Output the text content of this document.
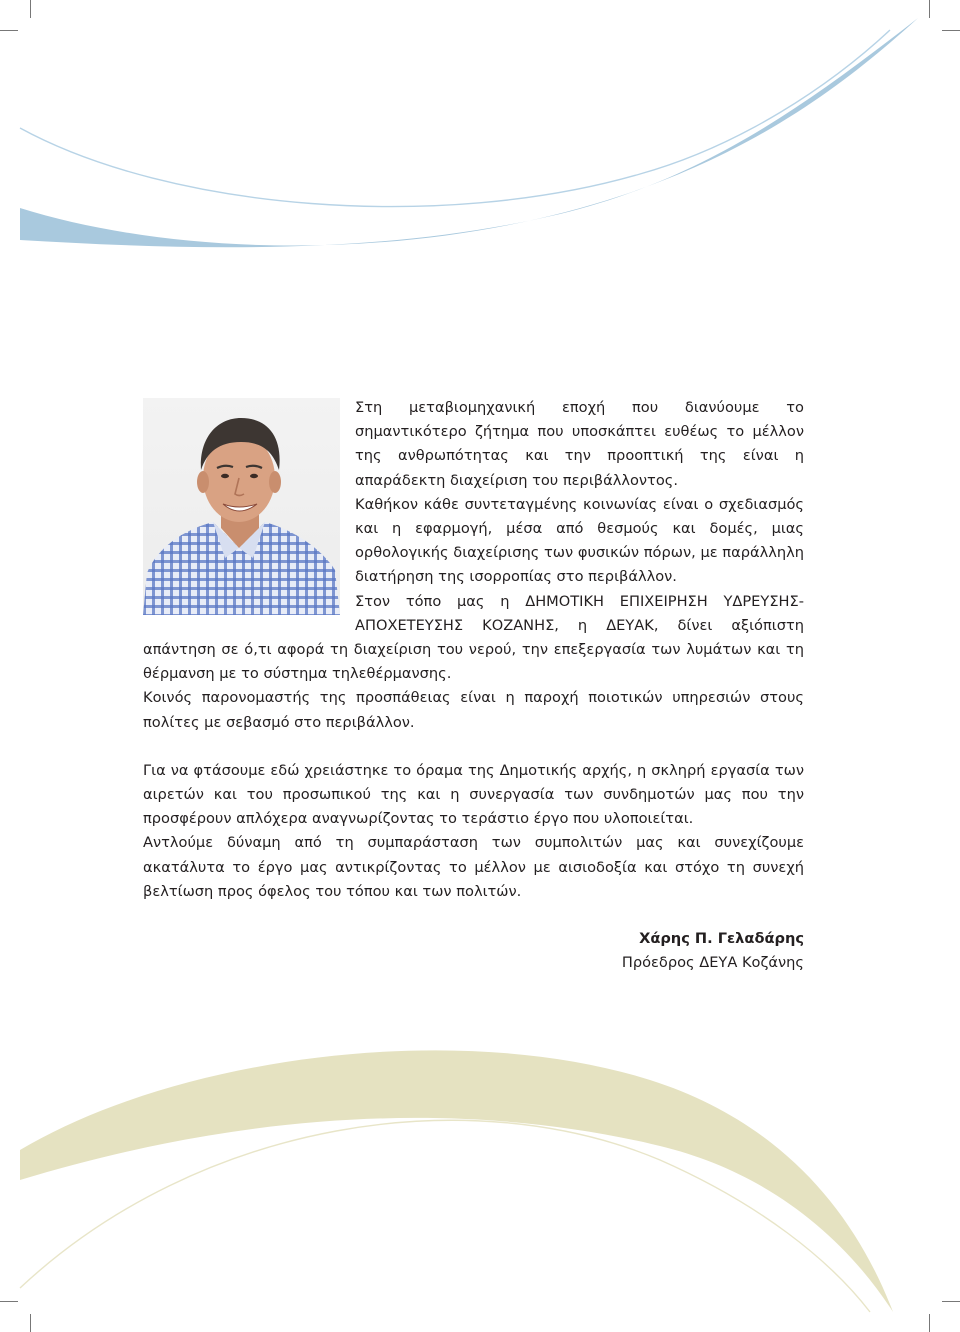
Στη μεταβιομηχανική εποχή που διανύουμε το σημαντικότερο ζήτημα που υποσκάπτει ευθέως το μέλλον της ανθρωπότητας και την προοπτική της είναι η απαράδεκτη διαχείριση του περιβάλλοντος.

Καθήκον κάθε συντεταγμένης κοινωνίας είναι ο σχεδιασμός και η εφαρμογή, μέσα από θεσμούς και δομές, μιας ορθολογικής διαχείρισης των φυσικών πόρων, με παράλληλη διατήρηση της ισορροπίας στο περιβάλλον.

Στον τόπο μας η ΔΗΜΟΤΙΚΗ ΕΠΙΧΕΙΡΗΣΗ ΥΔΡΕΥΣΗΣ- ΑΠΟΧΕΤΕΥΣΗΣ ΚΟΖΑΝΗΣ, η ΔΕΥΑΚ, δίνει αξιόπιστη απάντηση σε ό,τι αφορά τη διαχείριση του νερού, την επεξεργασία των λυμάτων και τη θέρμανση με το σύστημα τηλεθέρμανσης.

Κοινός παρονομαστής της προσπάθειας είναι η παροχή ποιοτικών υπηρεσιών στους πολίτες με σεβασμό στο περιβάλλον.

Για να φτάσουμε εδώ χρειάστηκε το όραμα της Δημοτικής αρχής, η σκληρή εργασία των αιρετών και του προσωπικού της και η συνεργασία των συνδημοτών μας που την προσφέρουν απλόχερα αναγνωρίζοντας το τεράστιο έργο που υλοποιείται.

Αντλούμε δύναμη από τη συμπαράσταση των συμπολιτών μας και συνεχίζουμε ακατάλυτα το έργο μας αντικρίζοντας το μέλλον με αισιοδοξία και στόχο τη συνεχή βελτίωση προς όφελος του τόπου και των πολιτών.

Χάρης Π. Γελαδάρης
Πρόεδρος ΔΕΥΑ Κοζάνης
